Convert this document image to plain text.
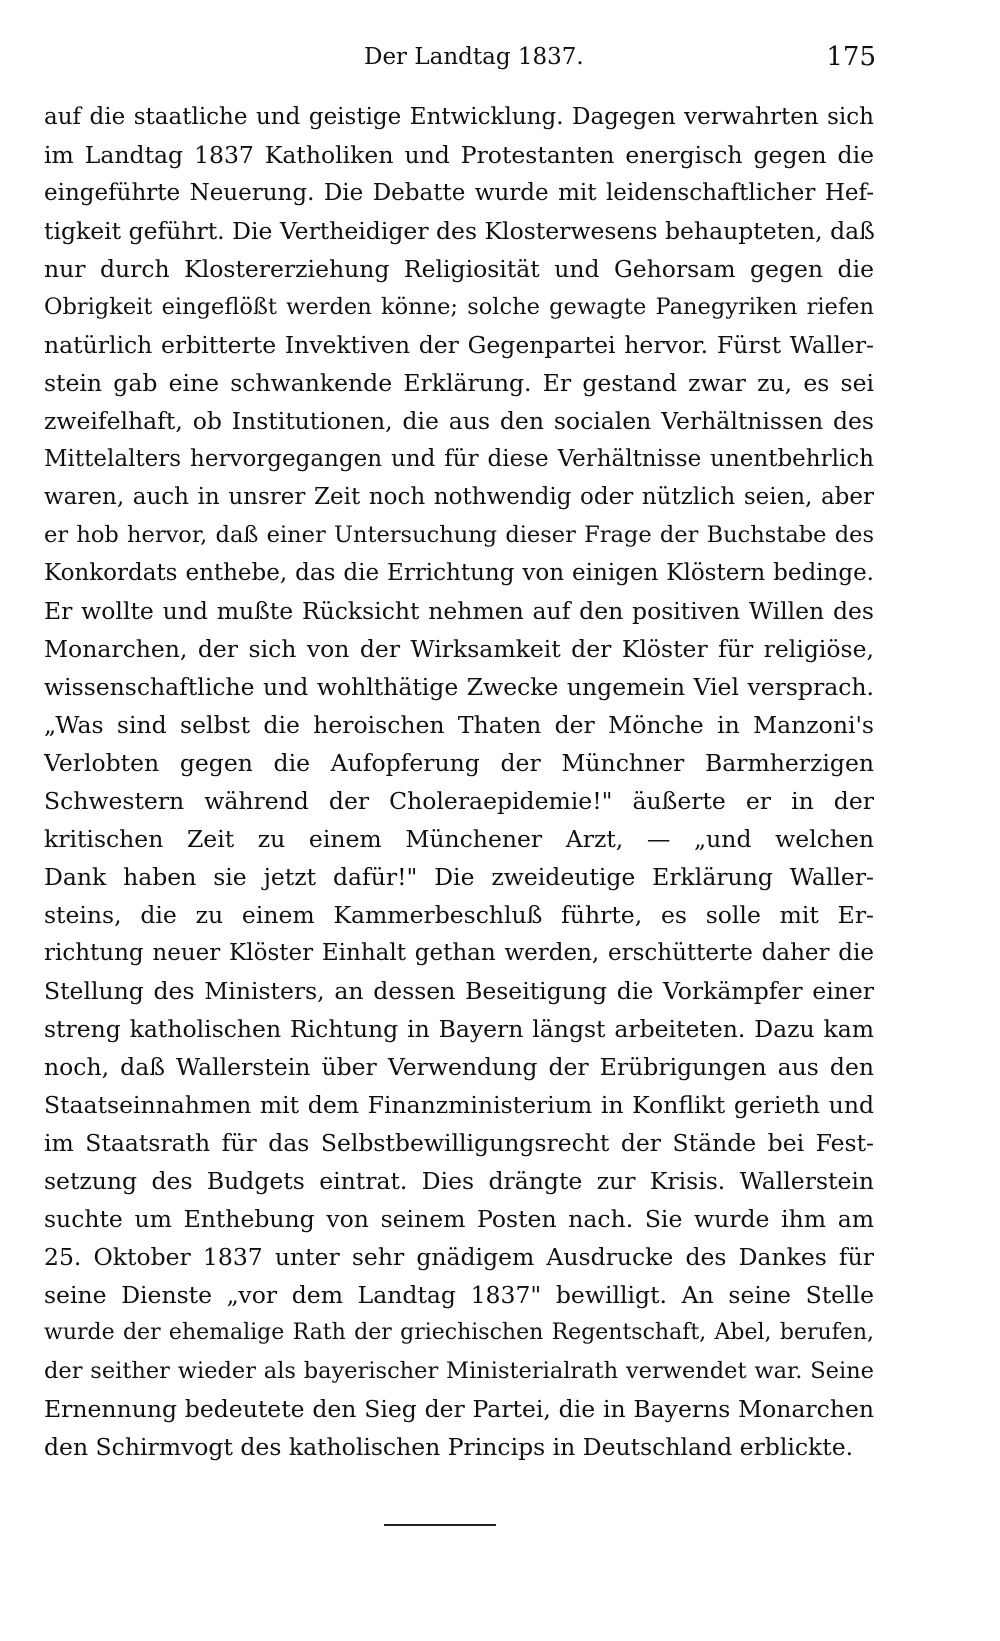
Der Landtag 1837.	175
auf die staatliche und geistige Entwicklung. Dagegen verwahrten sich
im Landtag 1837 Katholiken und Protestanten energisch gegen die
eingeführte Neuerung. Die Debatte wurde mit leidenschaftlicher Hef-
tigkeit geführt. Die Vertheidiger des Klosterwesens behaupteten, daß
nur durch Klostererziehung Religiosität und Gehorsam gegen die
Obrigkeit eingeflößt werden könne; solche gewagte Panegyriken riefen
natürlich erbitterte Invektiven der Gegenpartei hervor. Fürst Waller-
stein gab eine schwankende Erklärung. Er gestand zwar zu, es sei
zweifelhaft, ob Institutionen, die aus den socialen Verhältnissen des
Mittelalters hervorgegangen und für diese Verhältnisse unentbehrlich
waren, auch in unsrer Zeit noch nothwendig oder nützlich seien, aber
er hob hervor, daß einer Untersuchung dieser Frage der Buchstabe des
Konkordats enthebe, das die Errichtung von einigen Klöstern bedinge.
Er wollte und mußte Rücksicht nehmen auf den positiven Willen des
Monarchen, der sich von der Wirksamkeit der Klöster für religiöse,
wissenschaftliche und wohlthätige Zwecke ungemein Viel versprach.
„Was sind selbst die heroischen Thaten der Mönche in Manzoni's
Verlobten gegen die Aufopferung der Münchner Barmherzigen
Schwestern während der Choleraepidemie!" äußerte er in der
kritischen Zeit zu einem Münchener Arzt, — „und welchen
Dank haben sie jetzt dafür!" Die zweideutige Erklärung Waller-
steins, die zu einem Kammerbeschluß führte, es solle mit Er-
richtung neuer Klöster Einhalt gethan werden, erschütterte daher die
Stellung des Ministers, an dessen Beseitigung die Vorkämpfer einer
streng katholischen Richtung in Bayern längst arbeiteten. Dazu kam
noch, daß Wallerstein über Verwendung der Erübrigungen aus den
Staatseinnahmen mit dem Finanzministerium in Konflikt gerieth und
im Staatsrath für das Selbstbewilligungsrecht der Stände bei Fest-
setzung des Budgets eintrat. Dies drängte zur Krisis. Wallerstein
suchte um Enthebung von seinem Posten nach. Sie wurde ihm am
25. Oktober 1837 unter sehr gnädigem Ausdrucke des Dankes für
seine Dienste „vor dem Landtag 1837" bewilligt. An seine Stelle
wurde der ehemalige Rath der griechischen Regentschaft, Abel, berufen,
der seither wieder als bayerischer Ministerialrath verwendet war. Seine
Ernennung bedeutete den Sieg der Partei, die in Bayerns Monarchen
den Schirmvogt des katholischen Princips in Deutschland erblickte.
